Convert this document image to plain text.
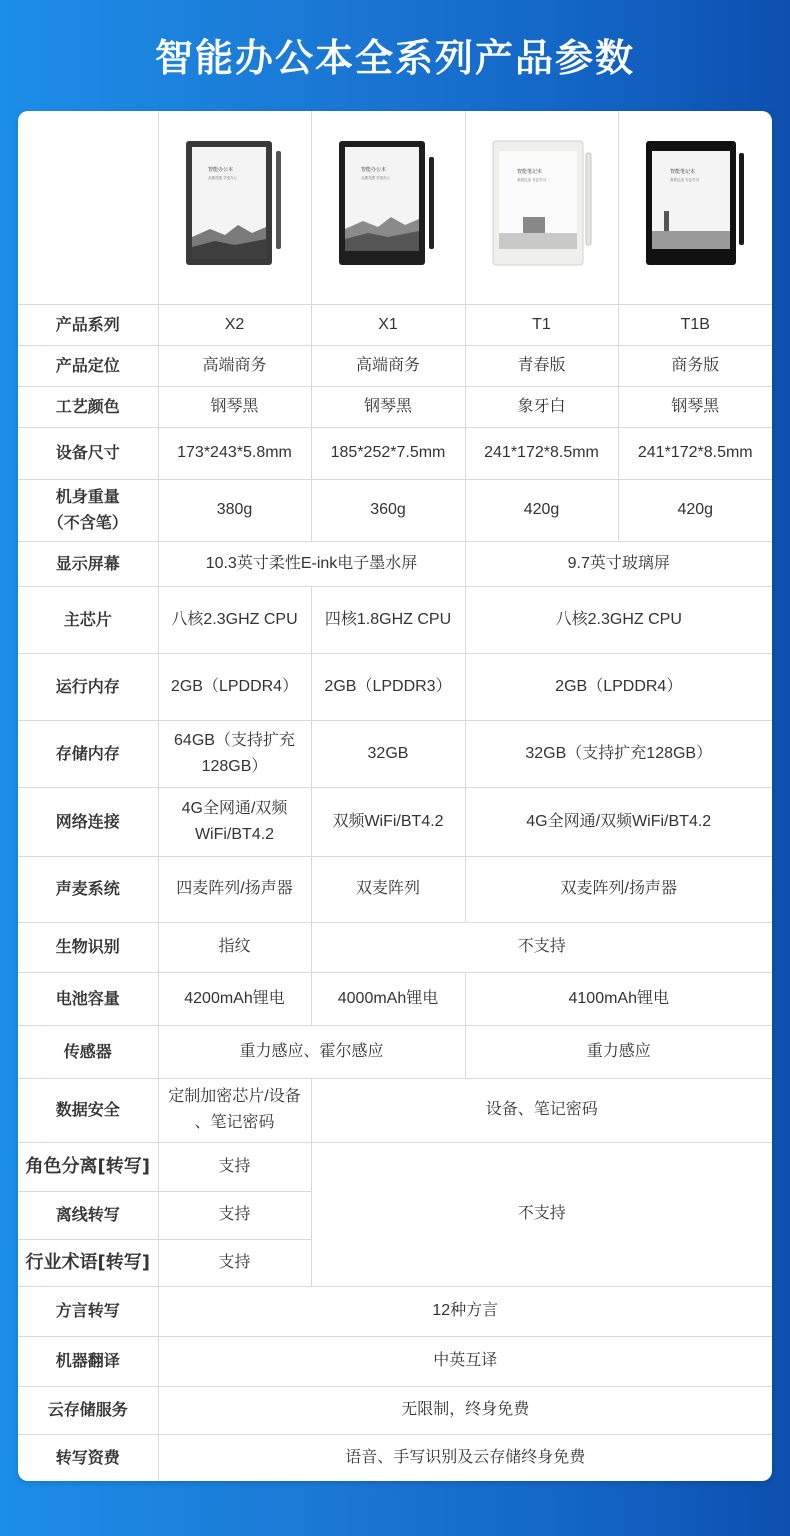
智能办公本全系列产品参数

智能办公本
点燃灵感 享受办公	智能办公本
点燃灵感 享受办公	智能笔记本
高效记录 专注学习	智能笔记本
高效记录 专注学习

产品系列	X2	X1	T1	T1B
产品定位	高端商务	高端商务	青春版	商务版
工艺颜色	钢琴黑	钢琴黑	象牙白	钢琴黑
设备尺寸	173*243*5.8mm	185*252*7.5mm	241*172*8.5mm	241*172*8.5mm

机身重量
（不含笔）	380g	360g	420g	420g
显示屏幕	10.3英寸柔性E-ink电子墨水屏		9.7英寸玻璃屏	
主芯片	八核2.3GHZ CPU	四核1.8GHZ CPU	八核2.3GHZ CPU	
运行内存	2GB（LPDDR4）	2GB（LPDDR3）	2GB（LPDDR4）	
存储内存	64GB（支持扩充
128GB）	32GB	32GB（支持扩充128GB）	
网络连接	4G全网通/双频
WiFi/BT4.2	双频WiFi/BT4.2	4G全网通/双频WiFi/BT4.2	
声麦系统	四麦阵列/扬声器	双麦阵列	双麦阵列/扬声器	
生物识别	指纹	不支持		
电池容量	4200mAh锂电	4000mAh锂电	4100mAh锂电	
传感器	重力感应、霍尔感应		重力感应	
数据安全	定制加密芯片/设备
、笔记密码	设备、笔记密码		
角色分离[转写]	支持	不支持		
离线转写	支持			
行业术语[转写]	支持			
方言转写	12种方言			
机器翻译	中英互译			
云存储服务	无限制，终身免费			
转写资费	语音、手写识别及云存储终身免费			
